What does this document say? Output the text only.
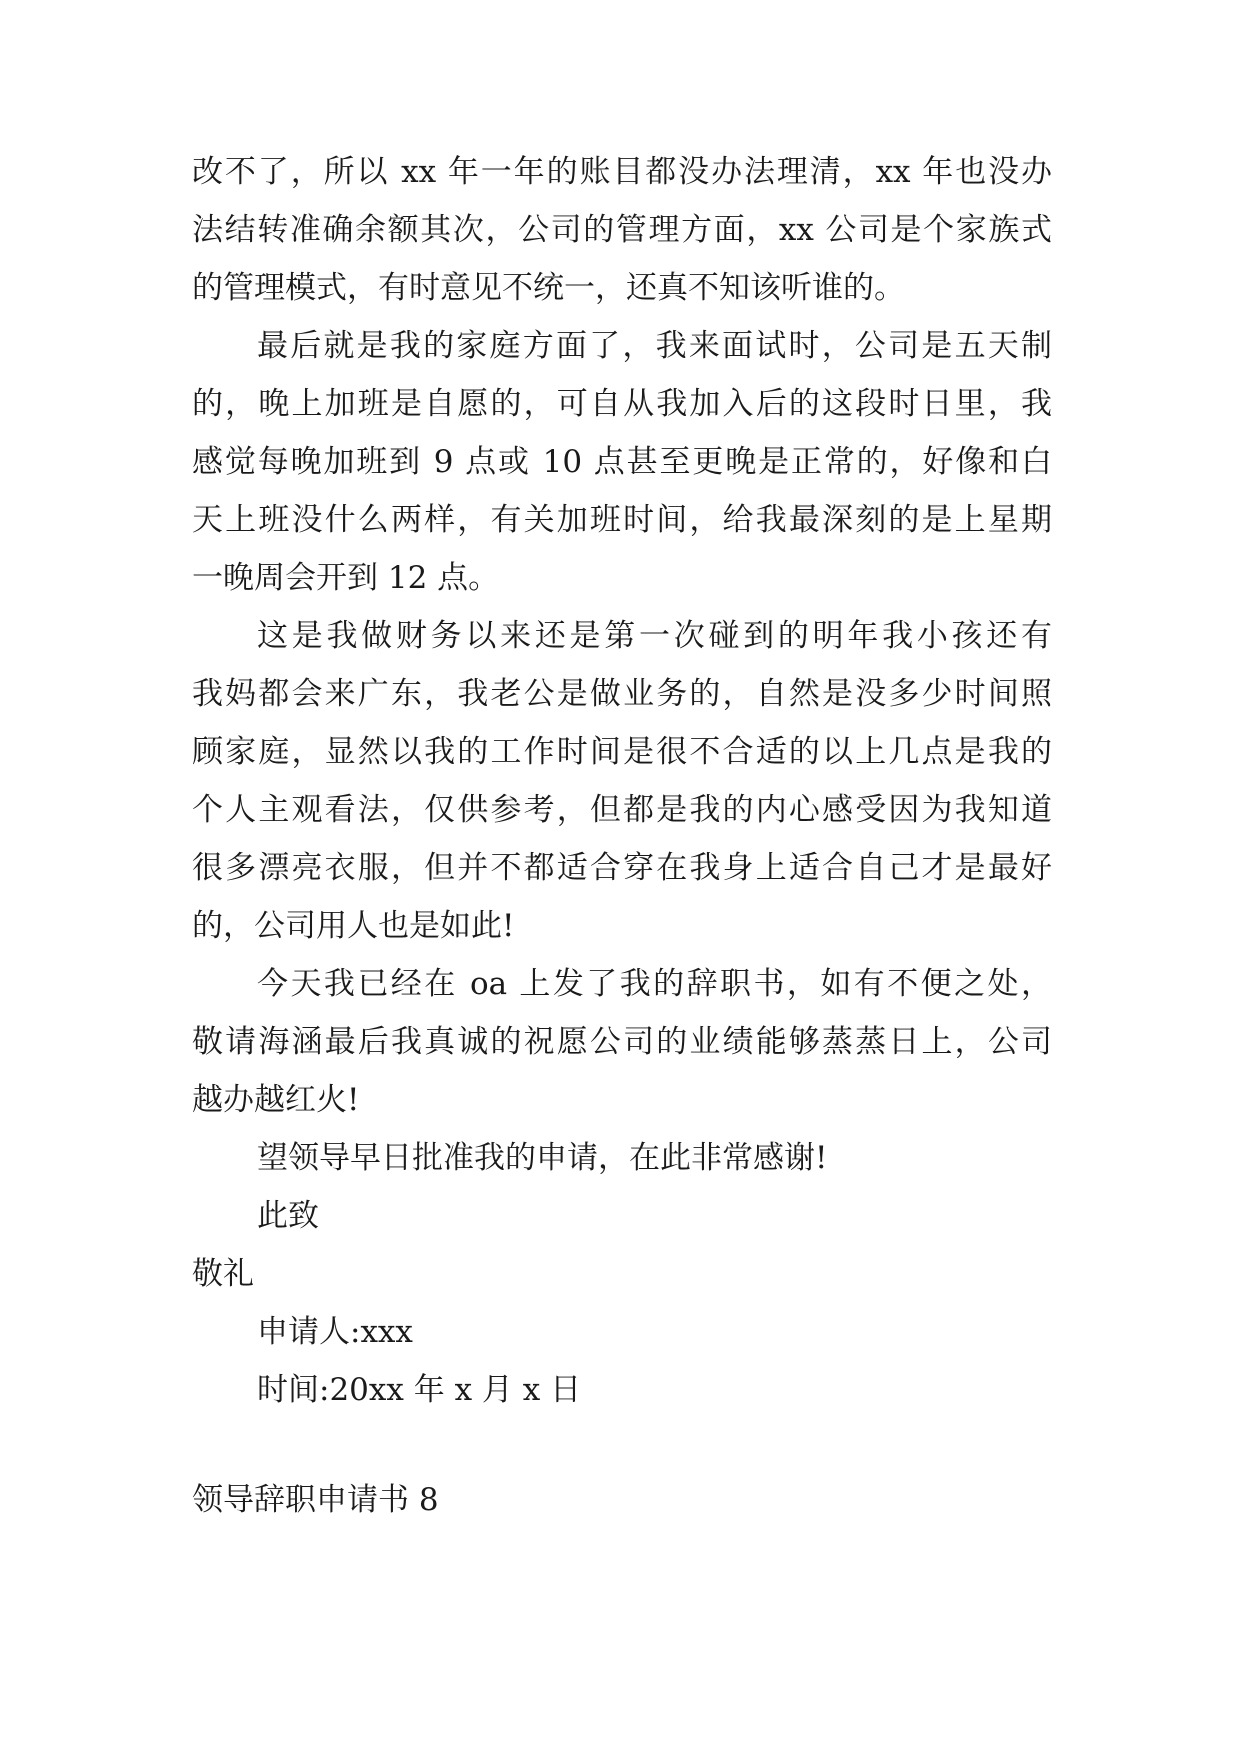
改不了，所以 xx 年一年的账目都没办法理清，xx 年也没办
法结转准确余额其次，公司的管理方面，xx 公司是个家族式
的管理模式，有时意见不统一，还真不知该听谁的。
最后就是我的家庭方面了，我来面试时，公司是五天制
的，晚上加班是自愿的，可自从我加入后的这段时日里，我
感觉每晚加班到 9 点或 10 点甚至更晚是正常的，好像和白
天上班没什么两样，有关加班时间，给我最深刻的是上星期
一晚周会开到 12 点。
这是我做财务以来还是第一次碰到的明年我小孩还有
我妈都会来广东，我老公是做业务的，自然是没多少时间照
顾家庭，显然以我的工作时间是很不合适的以上几点是我的
个人主观看法，仅供参考，但都是我的内心感受因为我知道
很多漂亮衣服，但并不都适合穿在我身上适合自己才是最好
的，公司用人也是如此!
今天我已经在 oa 上发了我的辞职书，如有不便之处，
敬请海涵最后我真诚的祝愿公司的业绩能够蒸蒸日上，公司
越办越红火!
望领导早日批准我的申请，在此非常感谢!
此致
敬礼
申请人:xxx
时间:20xx 年 x 月 x 日
领导辞职申请书 8
